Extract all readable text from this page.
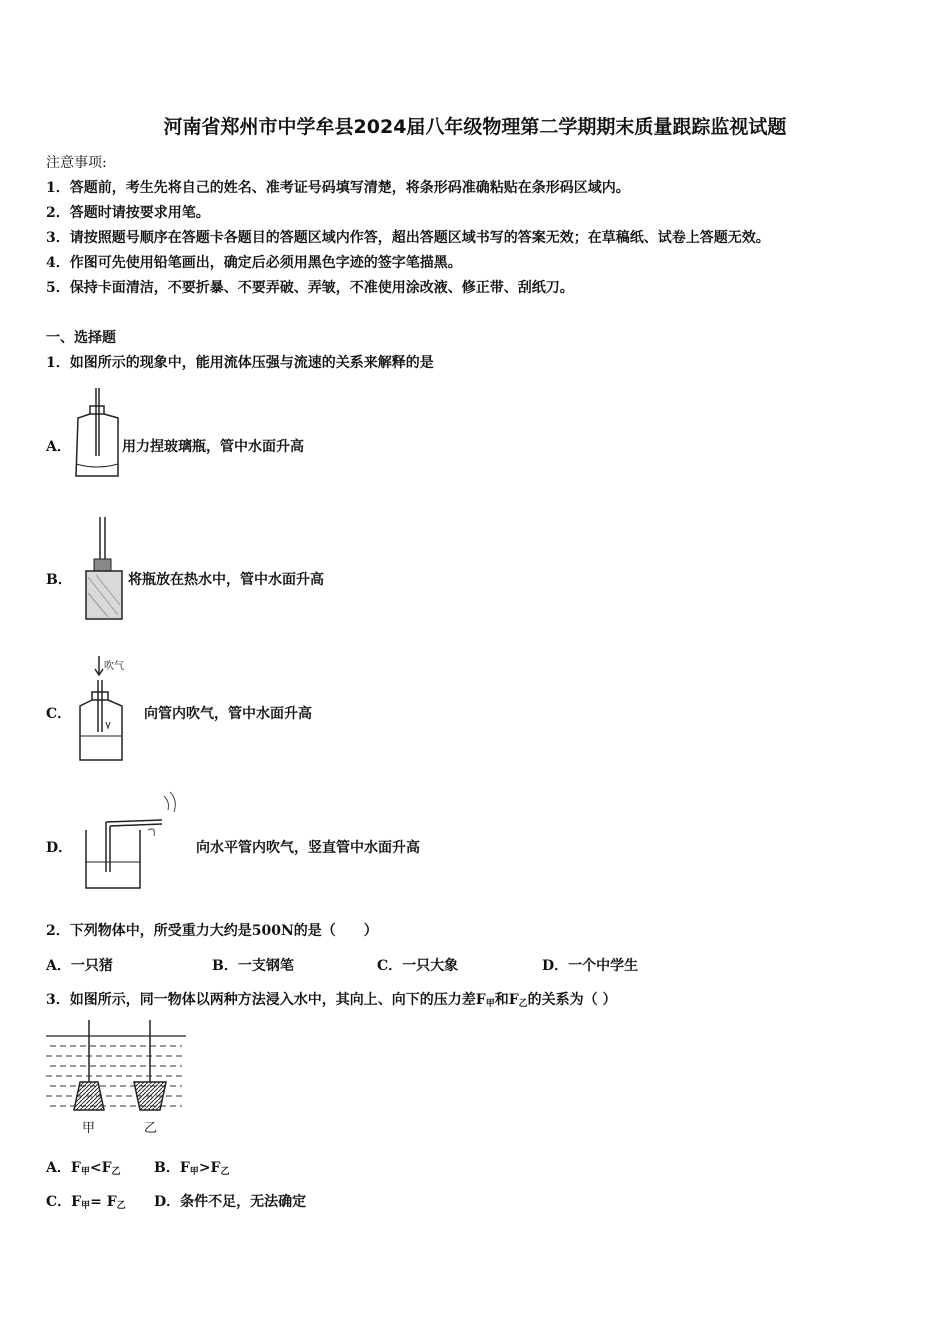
河南省郑州市中学牟县2024届八年级物理第二学期期末质量跟踪监视试题
注意事项:
1．答题前，考生先将自己的姓名、准考证号码填写清楚，将条形码准确粘贴在条形码区域内。
2．答题时请按要求用笔。
3．请按照题号顺序在答题卡各题目的答题区域内作答，超出答题区域书写的答案无效；在草稿纸、试卷上答题无效。
4．作图可先使用铅笔画出，确定后必须用黑色字迹的签字笔描黑。
5．保持卡面清洁，不要折暴、不要弄破、弄皱，不准使用涂改液、修正带、刮纸刀。
一、选择题
1．如图所示的现象中，能用流体压强与流速的关系来解释的是
A．	用力捏玻璃瓶，管中水面升高
B．	将瓶放在热水中，管中水面升高
C．
吹气
向管内吹气，管中水面升高
D．	向水平管内吹气，竖直管中水面升高
2．下列物体中，所受重力大约是500N的是（　　）
A．一只猪	B．一支钢笔	C．一只大象	D．一个中学生
3．如图所示，同一物体以两种方法浸入水中，其向上、向下的压力差$F_甲$和$F_乙$的关系为（ ）
甲	乙
A．$F_甲<F_乙$ B．$F_甲>F_乙$
C．$F_甲= F_乙$ D．条件不足，无法确定
